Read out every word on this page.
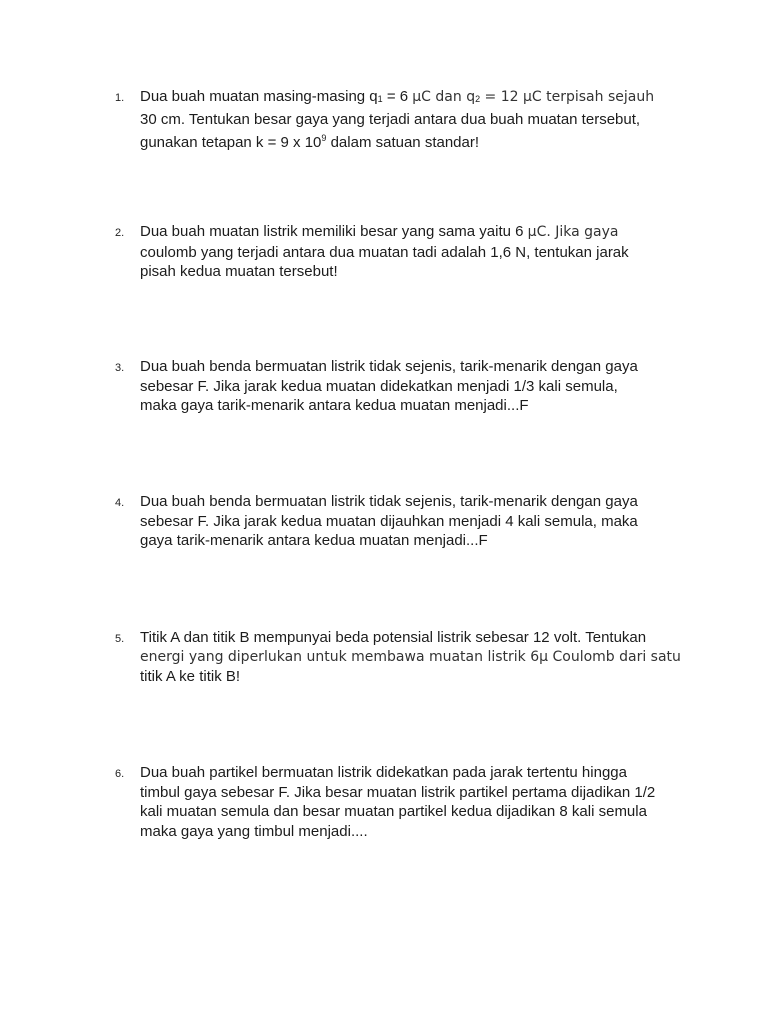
1. Dua buah muatan masing-masing q1 = 6 μC dan q2 = 12 μC terpisah sejauh
30 cm. Tentukan besar gaya yang terjadi antara dua buah muatan tersebut,
gunakan tetapan k = 9 x $10^9$ dalam satuan standar!
2. Dua buah muatan listrik memiliki besar yang sama yaitu 6 μC. Jika gaya
coulomb yang terjadi antara dua muatan tadi adalah 1,6 N, tentukan jarak
pisah kedua muatan tersebut!
3. Dua buah benda bermuatan listrik tidak sejenis, tarik-menarik dengan gaya
sebesar F. Jika jarak kedua muatan didekatkan menjadi 1/3 kali semula,
maka gaya tarik-menarik antara kedua muatan menjadi...F
4. Dua buah benda bermuatan listrik tidak sejenis, tarik-menarik dengan gaya
sebesar F. Jika jarak kedua muatan dijauhkan menjadi 4 kali semula, maka
gaya tarik-menarik antara kedua muatan menjadi...F
5. Titik A dan titik B mempunyai beda potensial listrik sebesar 12 volt. Tentukan
energi yang diperlukan untuk membawa muatan listrik 6μ Coulomb dari satu
titik A ke titik B!
6. Dua buah partikel bermuatan listrik didekatkan pada jarak tertentu hingga
timbul gaya sebesar F. Jika besar muatan listrik partikel pertama dijadikan 1/2
kali muatan semula dan besar muatan partikel kedua dijadikan 8 kali semula
maka gaya yang timbul menjadi....
